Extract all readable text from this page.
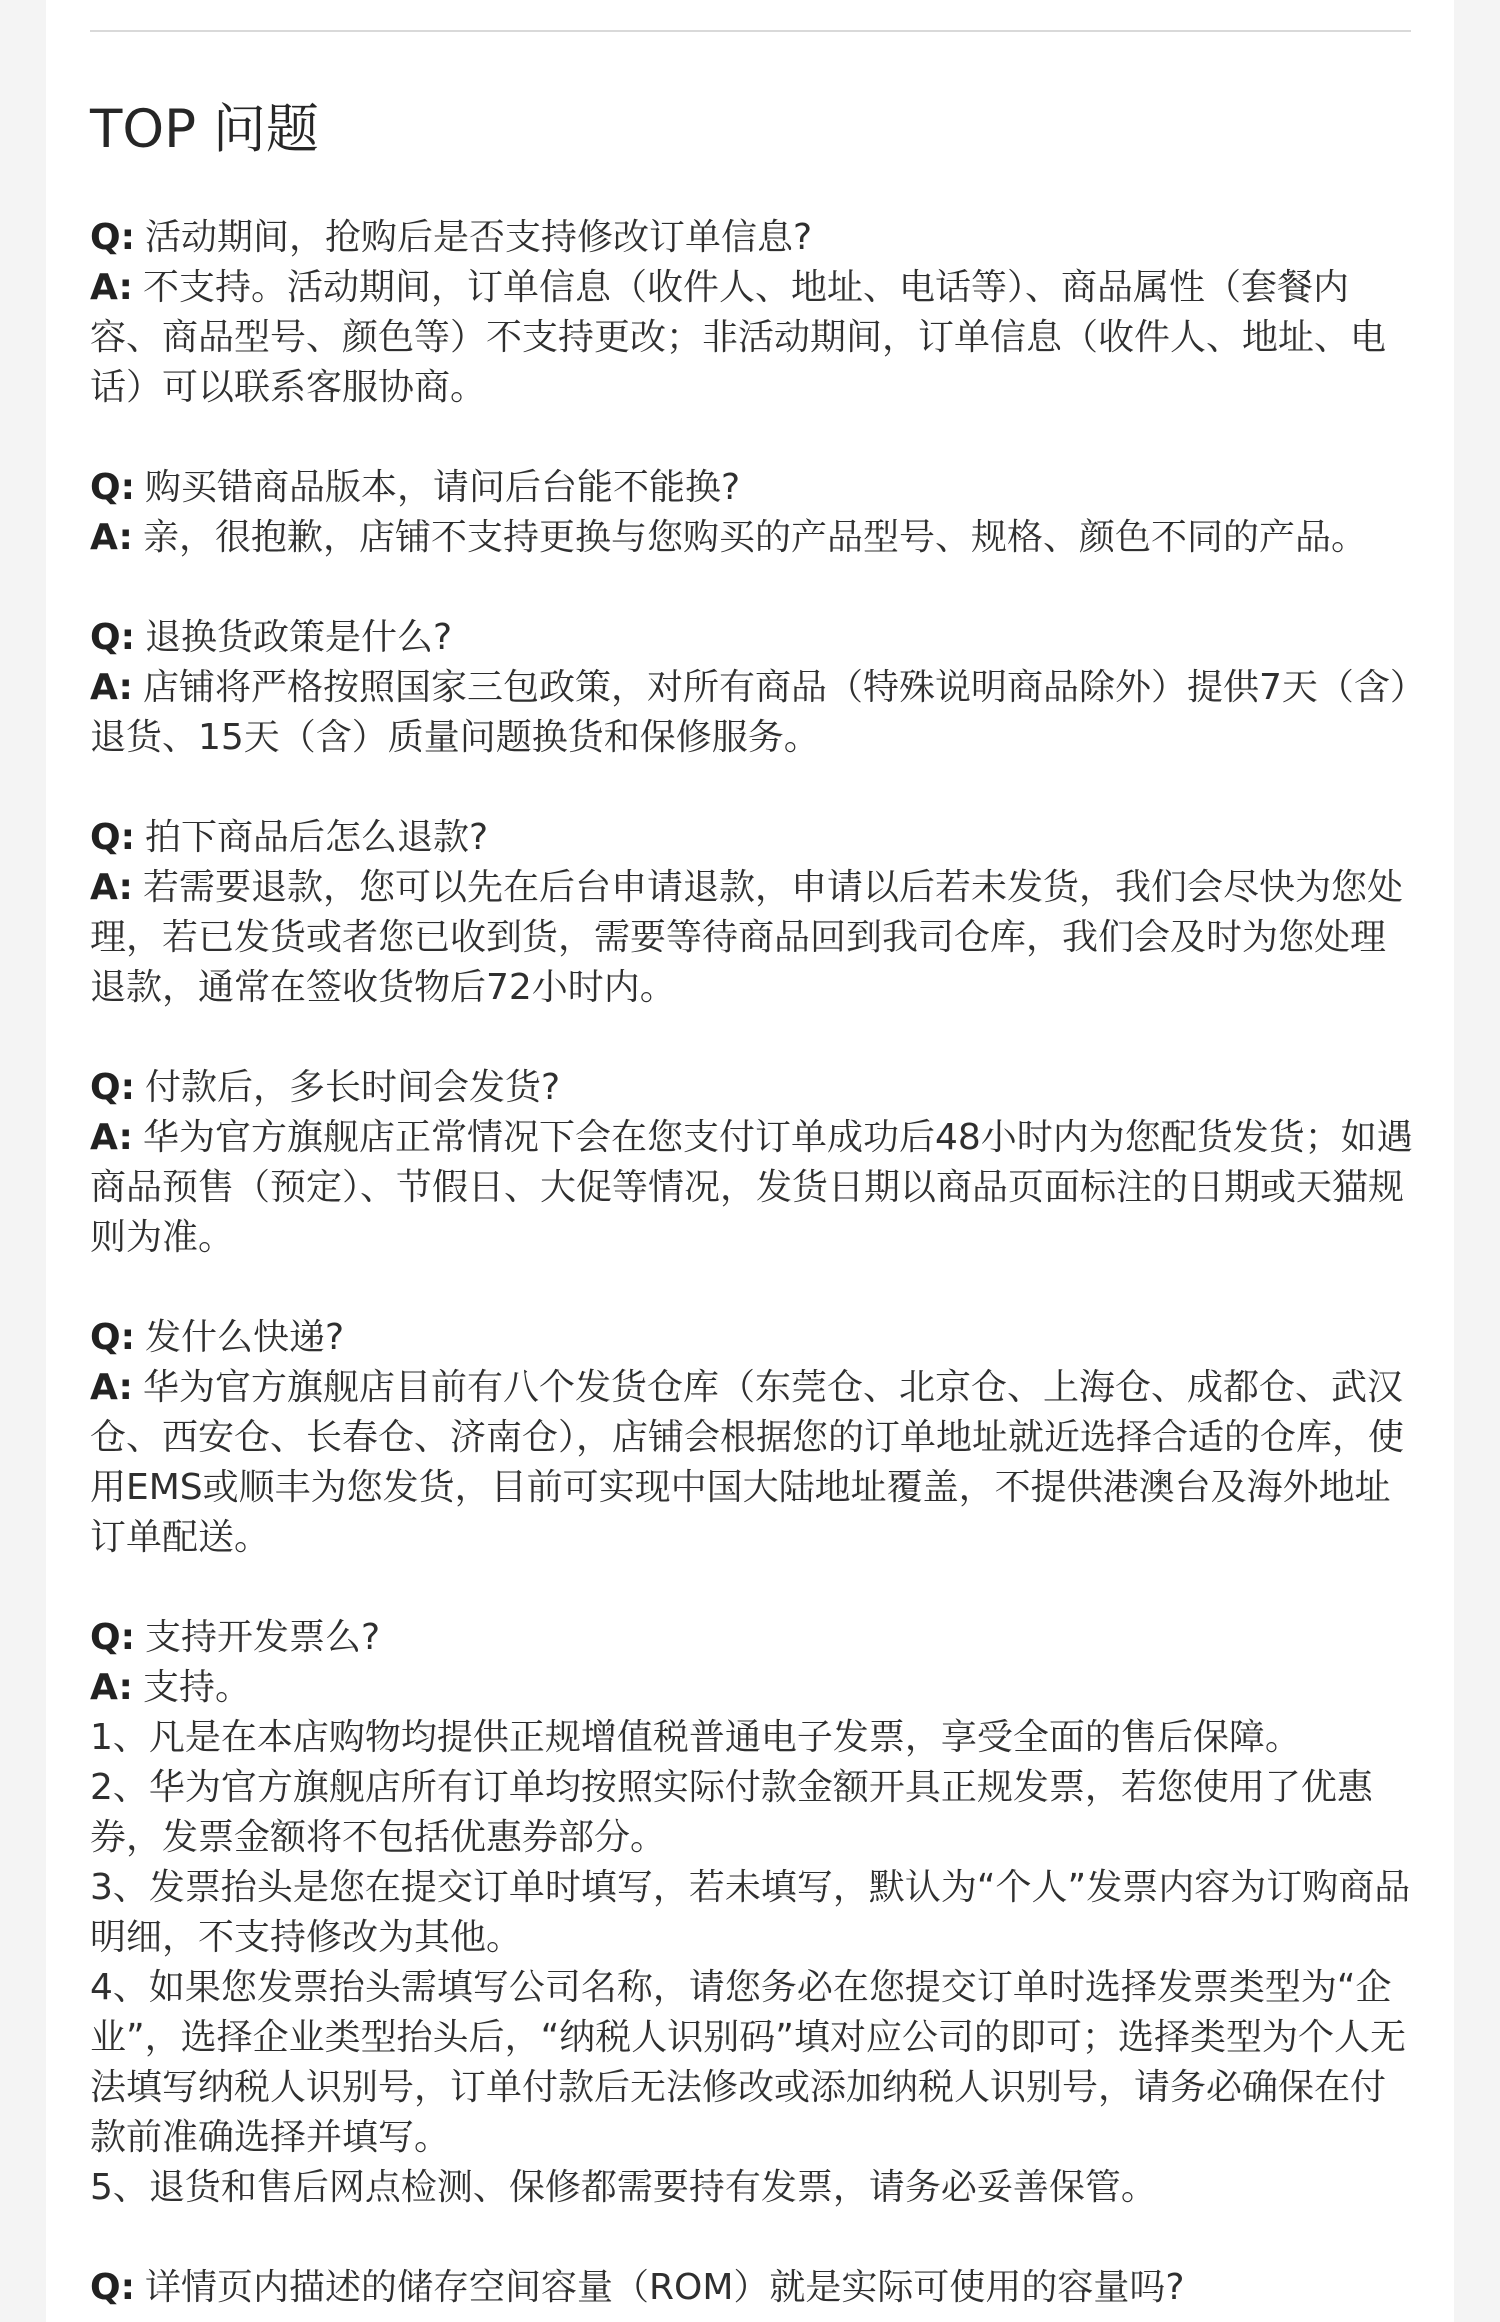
TOP 问题
Q: 活动期间，抢购后是否支持修改订单信息?
A: 不支持。活动期间，订单信息（收件人、地址、电话等）、商品属性（套餐内容、商品型号、颜色等）不支持更改；非活动期间，订单信息（收件人、地址、电话）可以联系客服协商。
Q: 购买错商品版本，请问后台能不能换?
A: 亲，很抱歉，店铺不支持更换与您购买的产品型号、规格、颜色不同的产品。
Q: 退换货政策是什么?
A: 店铺将严格按照国家三包政策，对所有商品（特殊说明商品除外）提供7天（含）退货、15天（含）质量问题换货和保修服务。
Q: 拍下商品后怎么退款?
A: 若需要退款，您可以先在后台申请退款，申请以后若未发货，我们会尽快为您处理，若已发货或者您已收到货，需要等待商品回到我司仓库，我们会及时为您处理退款，通常在签收货物后72小时内。
Q: 付款后，多长时间会发货?
A: 华为官方旗舰店正常情况下会在您支付订单成功后48小时内为您配货发货；如遇商品预售（预定）、节假日、大促等情况，发货日期以商品页面标注的日期或天猫规则为准。
Q: 发什么快递?
A: 华为官方旗舰店目前有八个发货仓库（东莞仓、北京仓、上海仓、成都仓、武汉仓、西安仓、长春仓、济南仓），店铺会根据您的订单地址就近选择合适的仓库，使用EMS或顺丰为您发货，目前可实现中国大陆地址覆盖，不提供港澳台及海外地址订单配送。
Q: 支持开发票么?
A: 支持。
1、凡是在本店购物均提供正规增值税普通电子发票，享受全面的售后保障。
2、华为官方旗舰店所有订单均按照实际付款金额开具正规发票，若您使用了优惠券，发票金额将不包括优惠券部分。
3、发票抬头是您在提交订单时填写，若未填写，默认为“个人”发票内容为订购商品明细，不支持修改为其他。
4、如果您发票抬头需填写公司名称，请您务必在您提交订单时选择发票类型为“企业”，选择企业类型抬头后，“纳税人识别码”填对应公司的即可；选择类型为个人无法填写纳税人识别号，订单付款后无法修改或添加纳税人识别号，请务必确保在付款前准确选择并填写。
5、退货和售后网点检测、保修都需要持有发票，请务必妥善保管。
Q: 详情页内描述的储存空间容量（ROM）就是实际可使用的容量吗?
